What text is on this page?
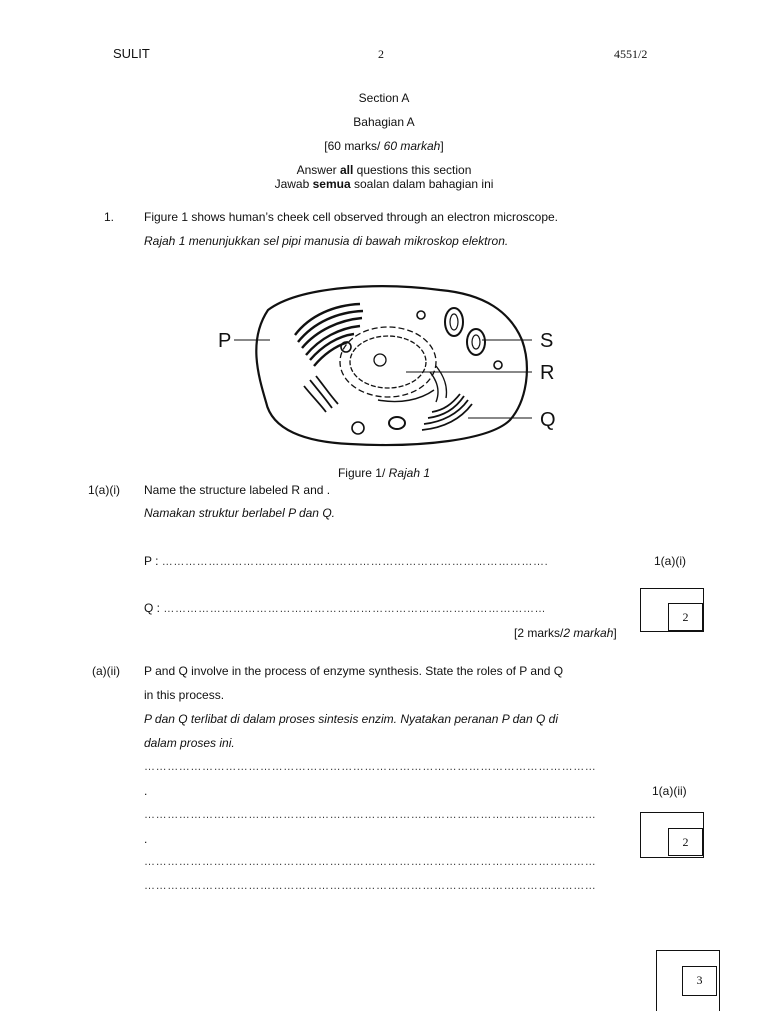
SULIT	2	4551/2
Section A
Bahagian A
[60 marks/ 60 markah]
Answer all questions this section
Jawab semua soalan dalam bahagian ini
1. Figure 1 shows human’s cheek cell observed through an electron microscope.
Rajah 1 menunjukkan sel pipi manusia di bawah mikroskop elektron.
P	S
R
Q
Figure 1/ Rajah 1
1(a)(i) Name the structure labeled R and .
Namakan struktur berlabel P dan Q.
P : ……………………………………………………………………………………….	1(a)(i)
Q : ………………………………………………………………………………………
2
[2 marks/2 markah]
(a)(ii) P and Q involve in the process of enzyme synthesis. State the roles of P and Q
in this process.
P dan Q terlibat di dalam proses sintesis enzim. Nyatakan peranan P dan Q di
dalam proses ini.
………………………………………………………………………………………………………
.	1(a)(ii)
………………………………………………………………………………………………………
.
………………………………………………………………………………………………………
………………………………………………………………………………………………………
2
3
